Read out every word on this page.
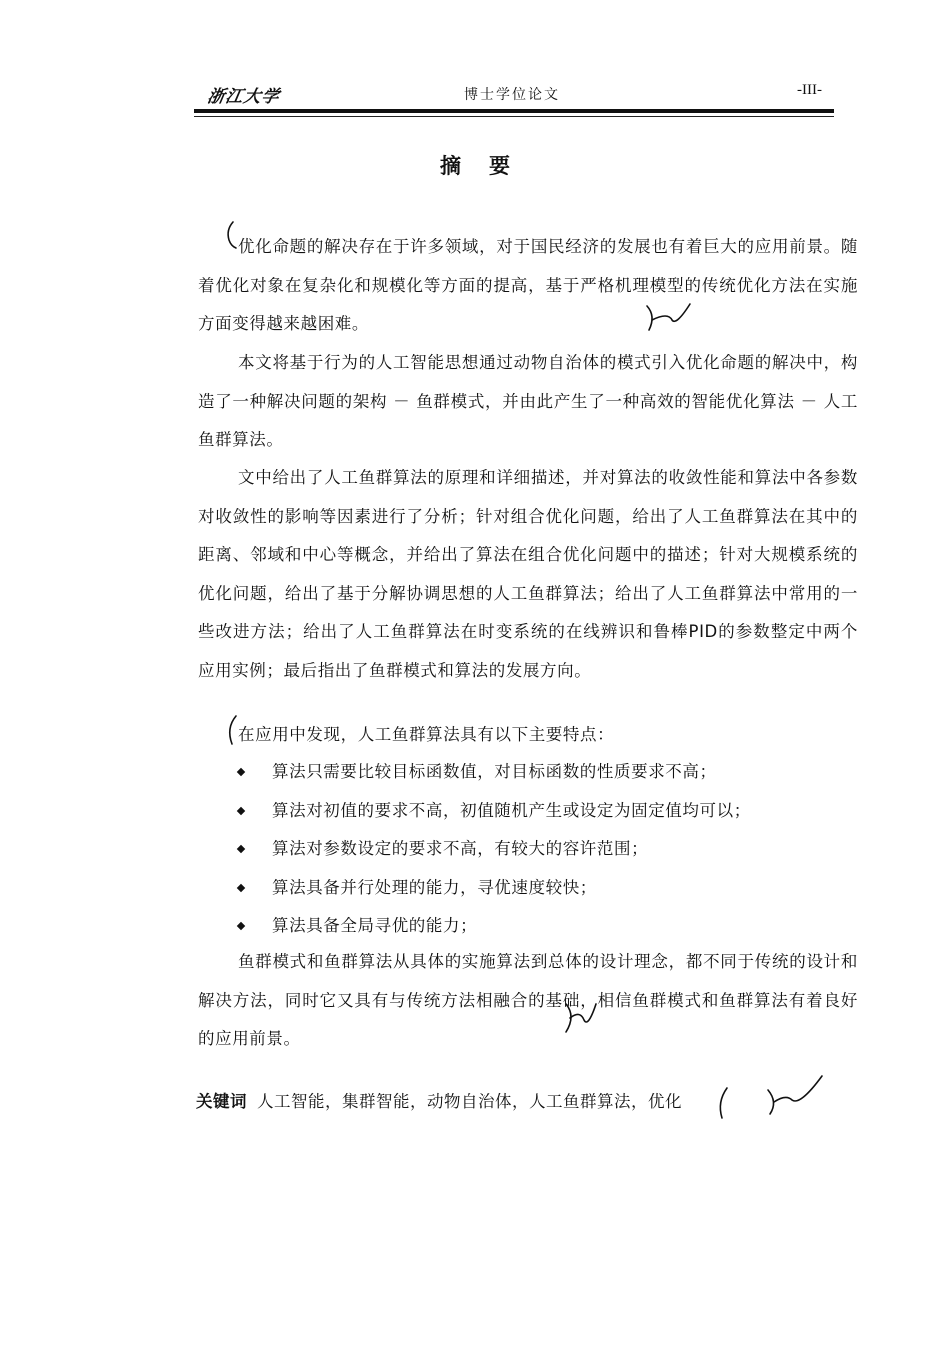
浙江大学	博士学位论文	-III-
摘要

优化命题的解决存在于许多领域，对于国民经济的发展也有着巨大的应用前景。随着优化对象在复杂化和规模化等方面的提高，基于严格机理模型的传统优化方法在实施方面变得越来越困难。

本文将基于行为的人工智能思想通过动物自治体的模式引入优化命题的解决中，构造了一种解决问题的架构 － 鱼群模式，并由此产生了一种高效的智能优化算法 － 人工鱼群算法。

文中给出了人工鱼群算法的原理和详细描述，并对算法的收敛性能和算法中各参数对收敛性的影响等因素进行了分析；针对组合优化问题，给出了人工鱼群算法在其中的距离、邻域和中心等概念，并给出了算法在组合优化问题中的描述；针对大规模系统的优化问题，给出了基于分解协调思想的人工鱼群算法；给出了人工鱼群算法中常用的一些改进方法；给出了人工鱼群算法在时变系统的在线辨识和鲁棒PID的参数整定中两个应用实例；最后指出了鱼群模式和算法的发展方向。

在应用中发现，人工鱼群算法具有以下主要特点：

算法只需要比较目标函数值，对目标函数的性质要求不高；
算法对初值的要求不高，初值随机产生或设定为固定值均可以；
算法对参数设定的要求不高，有较大的容许范围；
算法具备并行处理的能力，寻优速度较快；
算法具备全局寻优的能力；

鱼群模式和鱼群算法从具体的实施算法到总体的设计理念，都不同于传统的设计和解决方法，同时它又具有与传统方法相融合的基础，相信鱼群模式和鱼群算法有着良好的应用前景。

关键词 人工智能，集群智能，动物自治体，人工鱼群算法，优化
